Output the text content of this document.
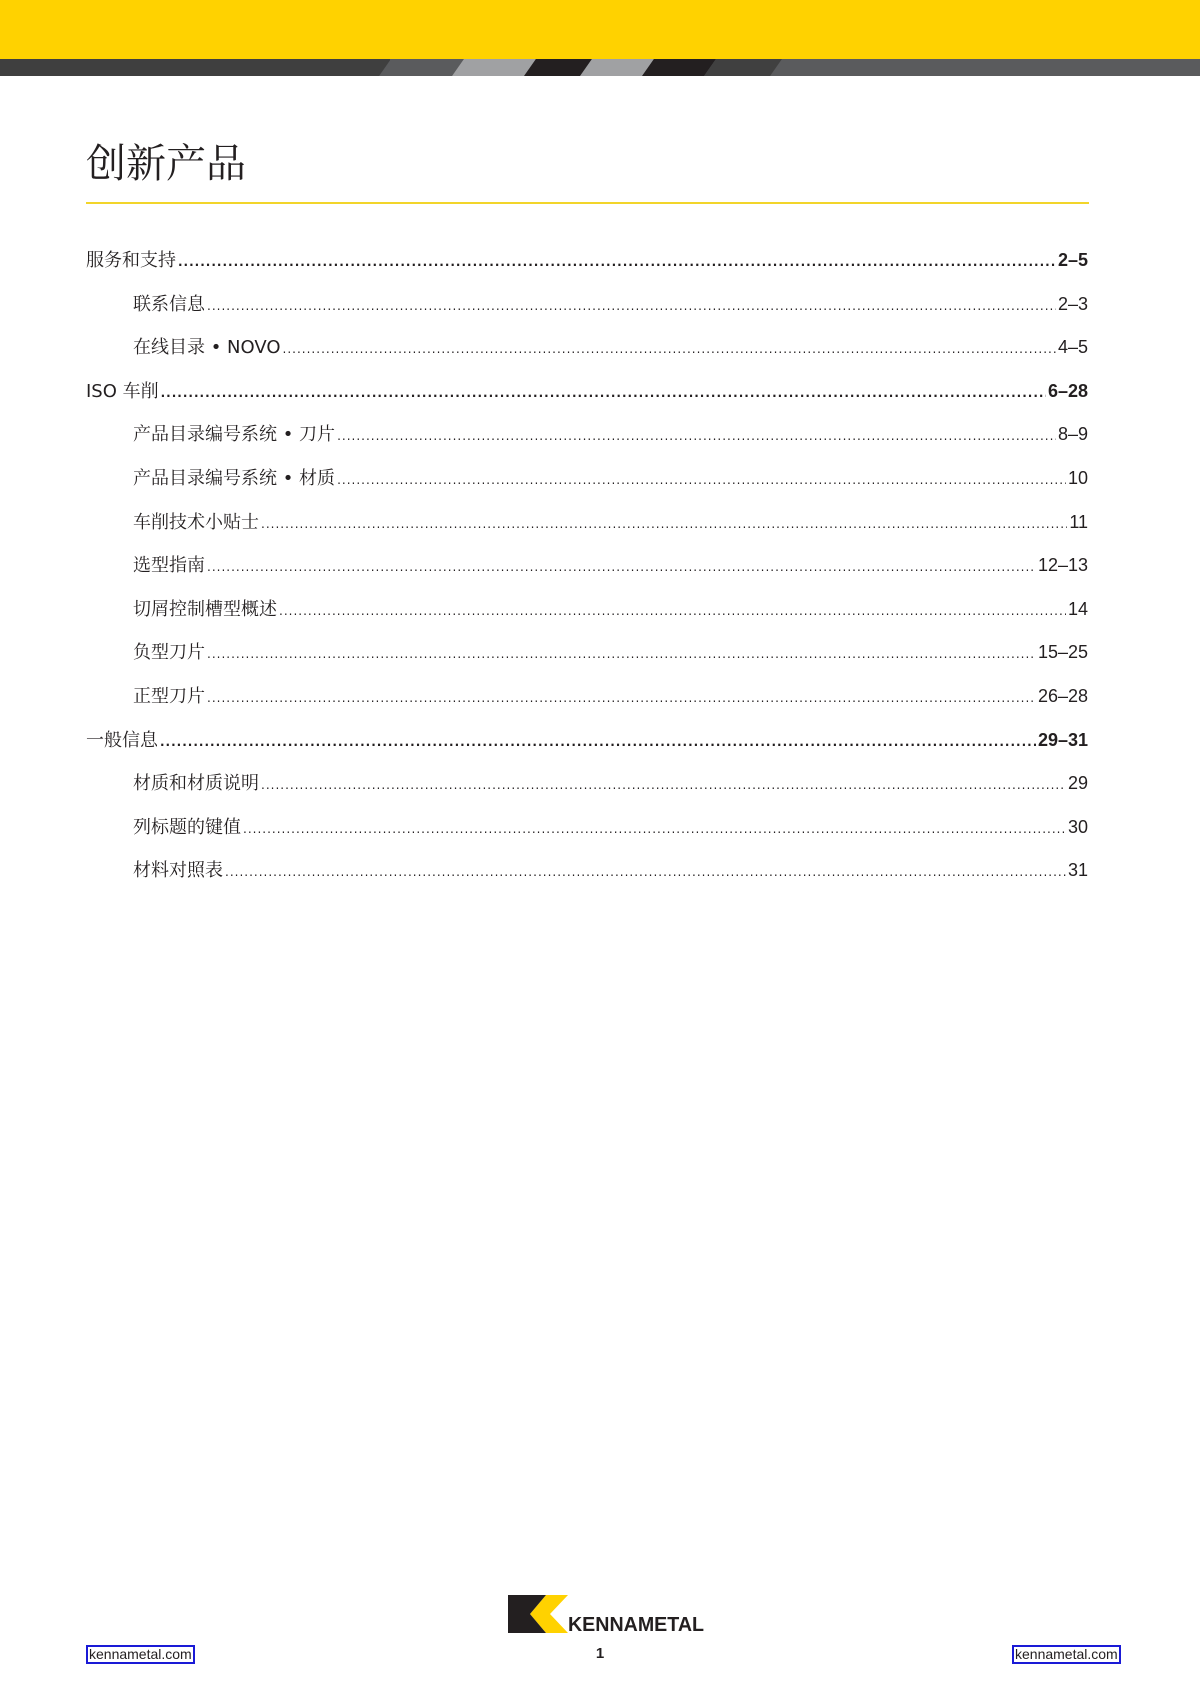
创新产品
服务和支持 .....	2–5
联系信息 .....	2–3
在线目录 • NOVO .....	4–5
ISO 车削 .....	6–28
产品目录编号系统 • 刀片 .....	8–9
产品目录编号系统 • 材质 .....	10
车削技术小贴士 .....	11
选型指南 .....	12–13
切屑控制槽型概述 .....	14
负型刀片 .....	15–25
正型刀片 .....	26–28
一般信息 .....	29–31
材质和材质说明 .....	29
列标题的键值 .....	30
材料对照表 .....	31
KENNAMETAL
1
kennametal.com	kennametal.com
